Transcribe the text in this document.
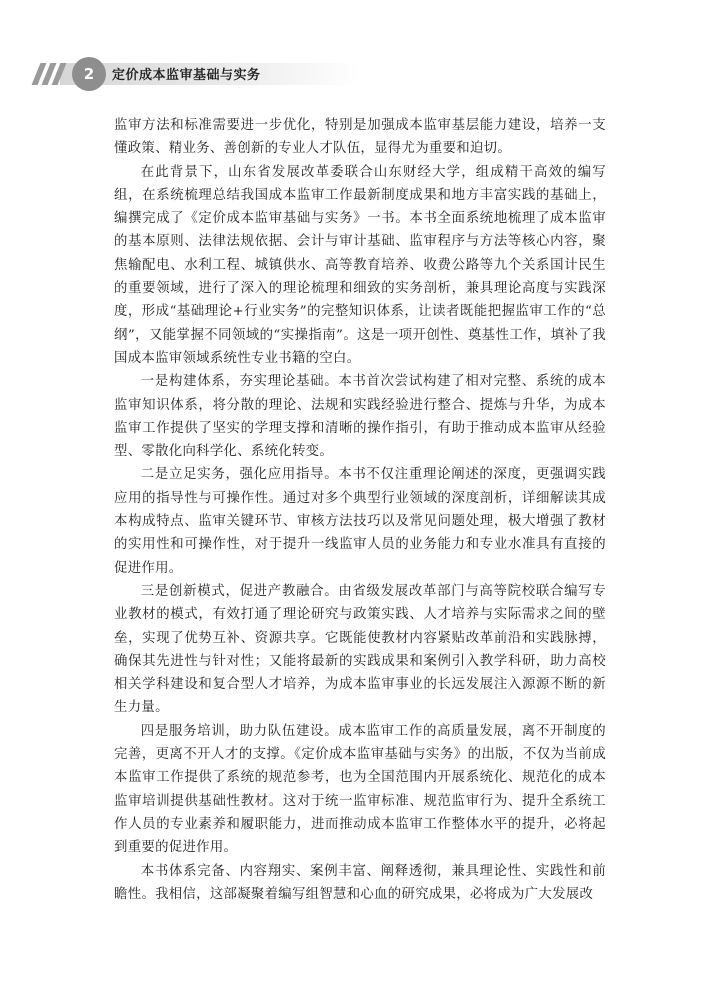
2	定价成本监审基础与实务

监审方法和标准需要进一步优化，特别是加强成本监审基层能力建设，培养一支懂政策、精业务、善创新的专业人才队伍，显得尤为重要和迫切。

在此背景下，山东省发展改革委联合山东财经大学，组成精干高效的编写组，在系统梳理总结我国成本监审工作最新制度成果和地方丰富实践的基础上，编撰完成了《定价成本监审基础与实务》一书。本书全面系统地梳理了成本监审的基本原则、法律法规依据、会计与审计基础、监审程序与方法等核心内容，聚焦输配电、水利工程、城镇供水、高等教育培养、收费公路等九个关系国计民生的重要领域，进行了深入的理论梳理和细致的实务剖析，兼具理论高度与实践深度，形成“基础理论+行业实务”的完整知识体系，让读者既能把握监审工作的“总纲”，又能掌握不同领域的“实操指南”。这是一项开创性、奠基性工作，填补了我国成本监审领域系统性专业书籍的空白。

一是构建体系，夯实理论基础。本书首次尝试构建了相对完整、系统的成本监审知识体系，将分散的理论、法规和实践经验进行整合、提炼与升华，为成本监审工作提供了坚实的学理支撑和清晰的操作指引，有助于推动成本监审从经验型、零散化向科学化、系统化转变。

二是立足实务，强化应用指导。本书不仅注重理论阐述的深度，更强调实践应用的指导性与可操作性。通过对多个典型行业领域的深度剖析，详细解读其成本构成特点、监审关键环节、审核方法技巧以及常见问题处理，极大增强了教材的实用性和可操作性，对于提升一线监审人员的业务能力和专业水准具有直接的促进作用。

三是创新模式，促进产教融合。由省级发展改革部门与高等院校联合编写专业教材的模式，有效打通了理论研究与政策实践、人才培养与实际需求之间的壁垒，实现了优势互补、资源共享。它既能使教材内容紧贴改革前沿和实践脉搏，确保其先进性与针对性；又能将最新的实践成果和案例引入教学科研，助力高校相关学科建设和复合型人才培养，为成本监审事业的长远发展注入源源不断的新生力量。

四是服务培训，助力队伍建设。成本监审工作的高质量发展，离不开制度的完善，更离不开人才的支撑。《定价成本监审基础与实务》的出版，不仅为当前成本监审工作提供了系统的规范参考，也为全国范围内开展系统化、规范化的成本监审培训提供基础性教材。这对于统一监审标准、规范监审行为、提升全系统工作人员的专业素养和履职能力，进而推动成本监审工作整体水平的提升，必将起到重要的促进作用。

本书体系完备、内容翔实、案例丰富、阐释透彻，兼具理论性、实践性和前瞻性。我相信，这部凝聚着编写组智慧和心血的研究成果，必将成为广大发展改
